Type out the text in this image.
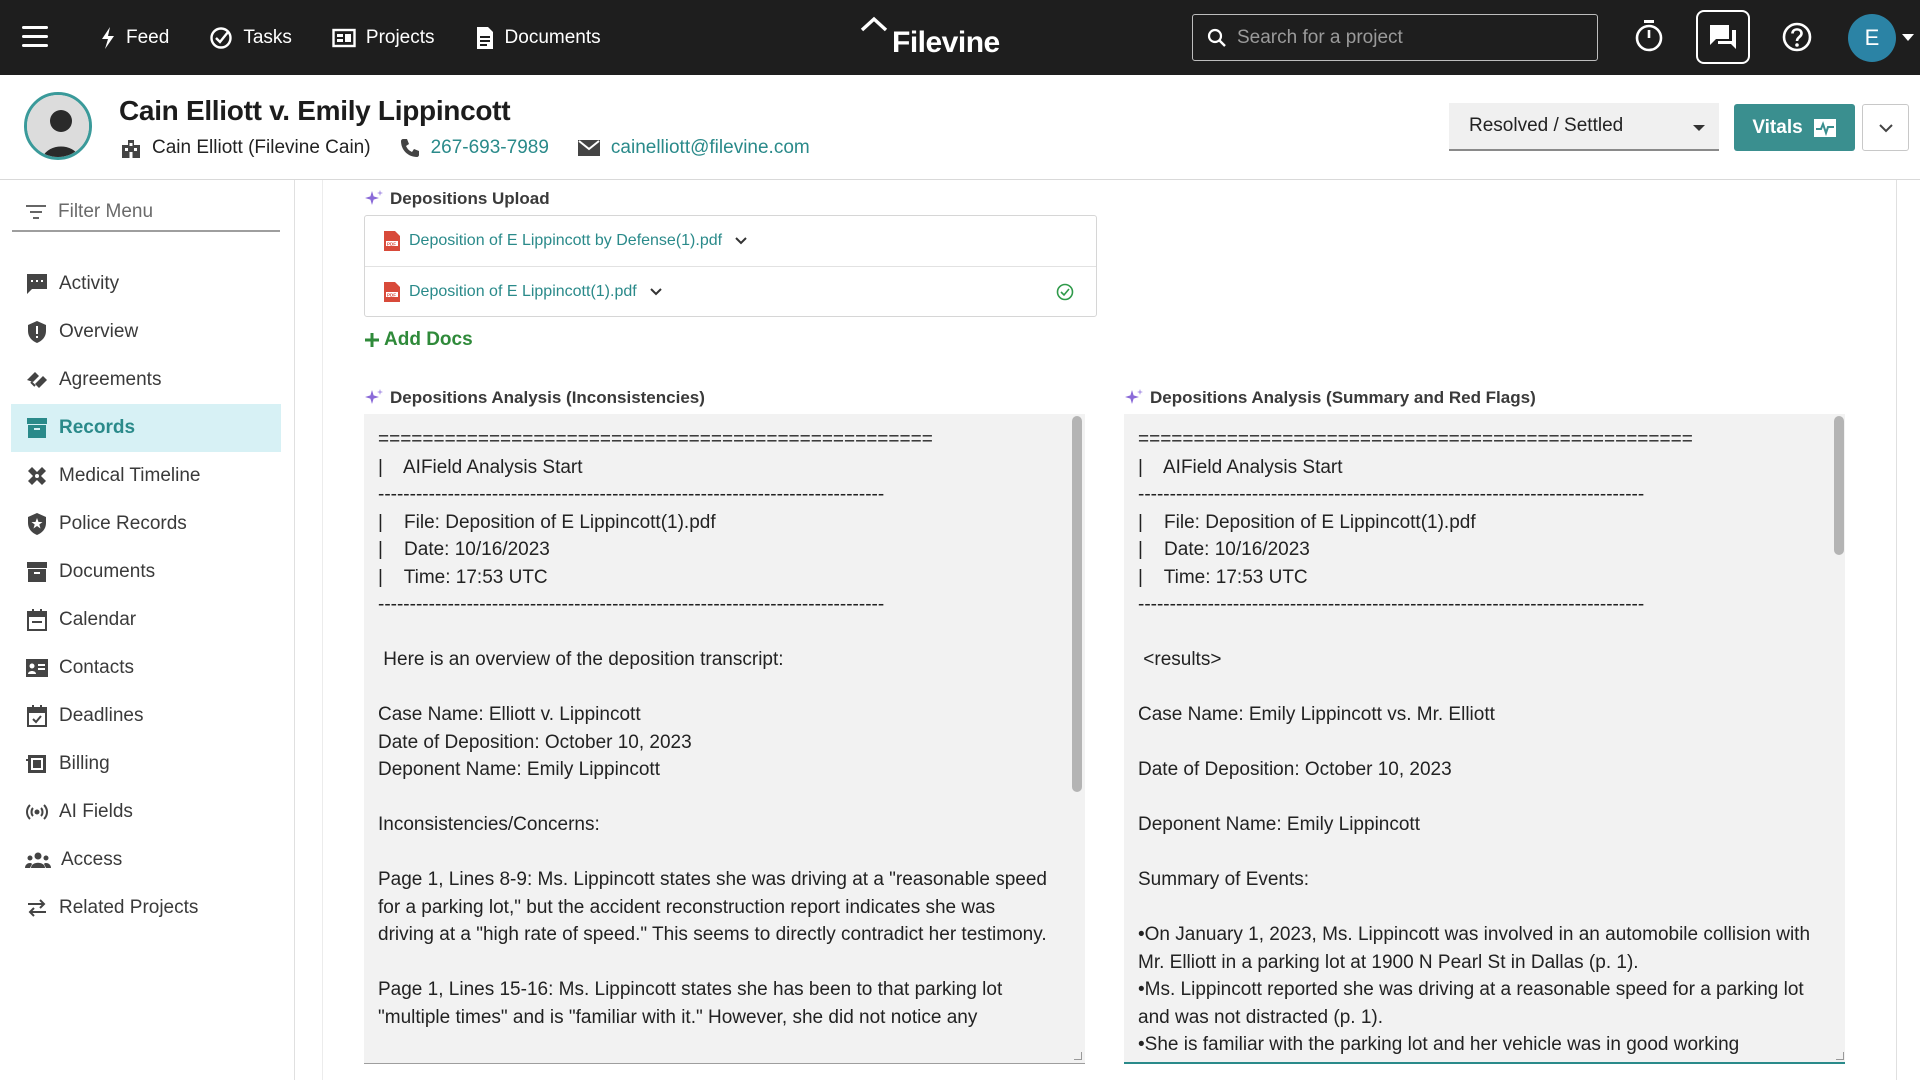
Feed	Tasks	Projects	Documents	Filevine
Search for a project	E
Cain Elliott v. Emily Lippincott
Cain Elliott (Filevine Cain)	267-693-7989	cainelliott@filevine.com
Resolved / Settled	Vitals
Filter Menu
Activity
Overview
Agreements
Records
Medical Timeline
Police Records
Documents
Calendar
Contacts
Deadlines
Billing
AI Fields
Access
Related Projects
Depositions Upload
PDF Deposition of E Lippincott by Defense(1).pdf
PDF Deposition of E Lippincott(1).pdf
Add Docs
Depositions Analysis (Inconsistencies)
==================================================
|    AIField Analysis Start
--------------------------------------------------------------------------------
|    File: Deposition of E Lippincott(1).pdf
|    Date: 10/16/2023
|    Time: 17:53 UTC
--------------------------------------------------------------------------------

Here is an overview of the deposition transcript:

Case Name: Elliott v. Lippincott
Date of Deposition: October 10, 2023
Deponent Name: Emily Lippincott

Inconsistencies/Concerns:

Page 1, Lines 8-9: Ms. Lippincott states she was driving at a "reasonable speed for a parking lot," but the accident reconstruction report indicates she was driving at a "high rate of speed." This seems to directly contradict her testimony.

Page 1, Lines 15-16: Ms. Lippincott states she has been to that parking lot "multiple times" and is "familiar with it." However, she did not notice any
Depositions Analysis (Summary and Red Flags)
==================================================
|    AIField Analysis Start
--------------------------------------------------------------------------------
|    File: Deposition of E Lippincott(1).pdf
|    Date: 10/16/2023
|    Time: 17:53 UTC
--------------------------------------------------------------------------------

<results>

Case Name: Emily Lippincott vs. Mr. Elliott

Date of Deposition: October 10, 2023

Deponent Name: Emily Lippincott

Summary of Events:

•On January 1, 2023, Ms. Lippincott was involved in an automobile collision with Mr. Elliott in a parking lot at 1900 N Pearl St in Dallas (p. 1).
•Ms. Lippincott reported she was driving at a reasonable speed for a parking lot and was not distracted (p. 1).
•She is familiar with the parking lot and her vehicle was in good working
